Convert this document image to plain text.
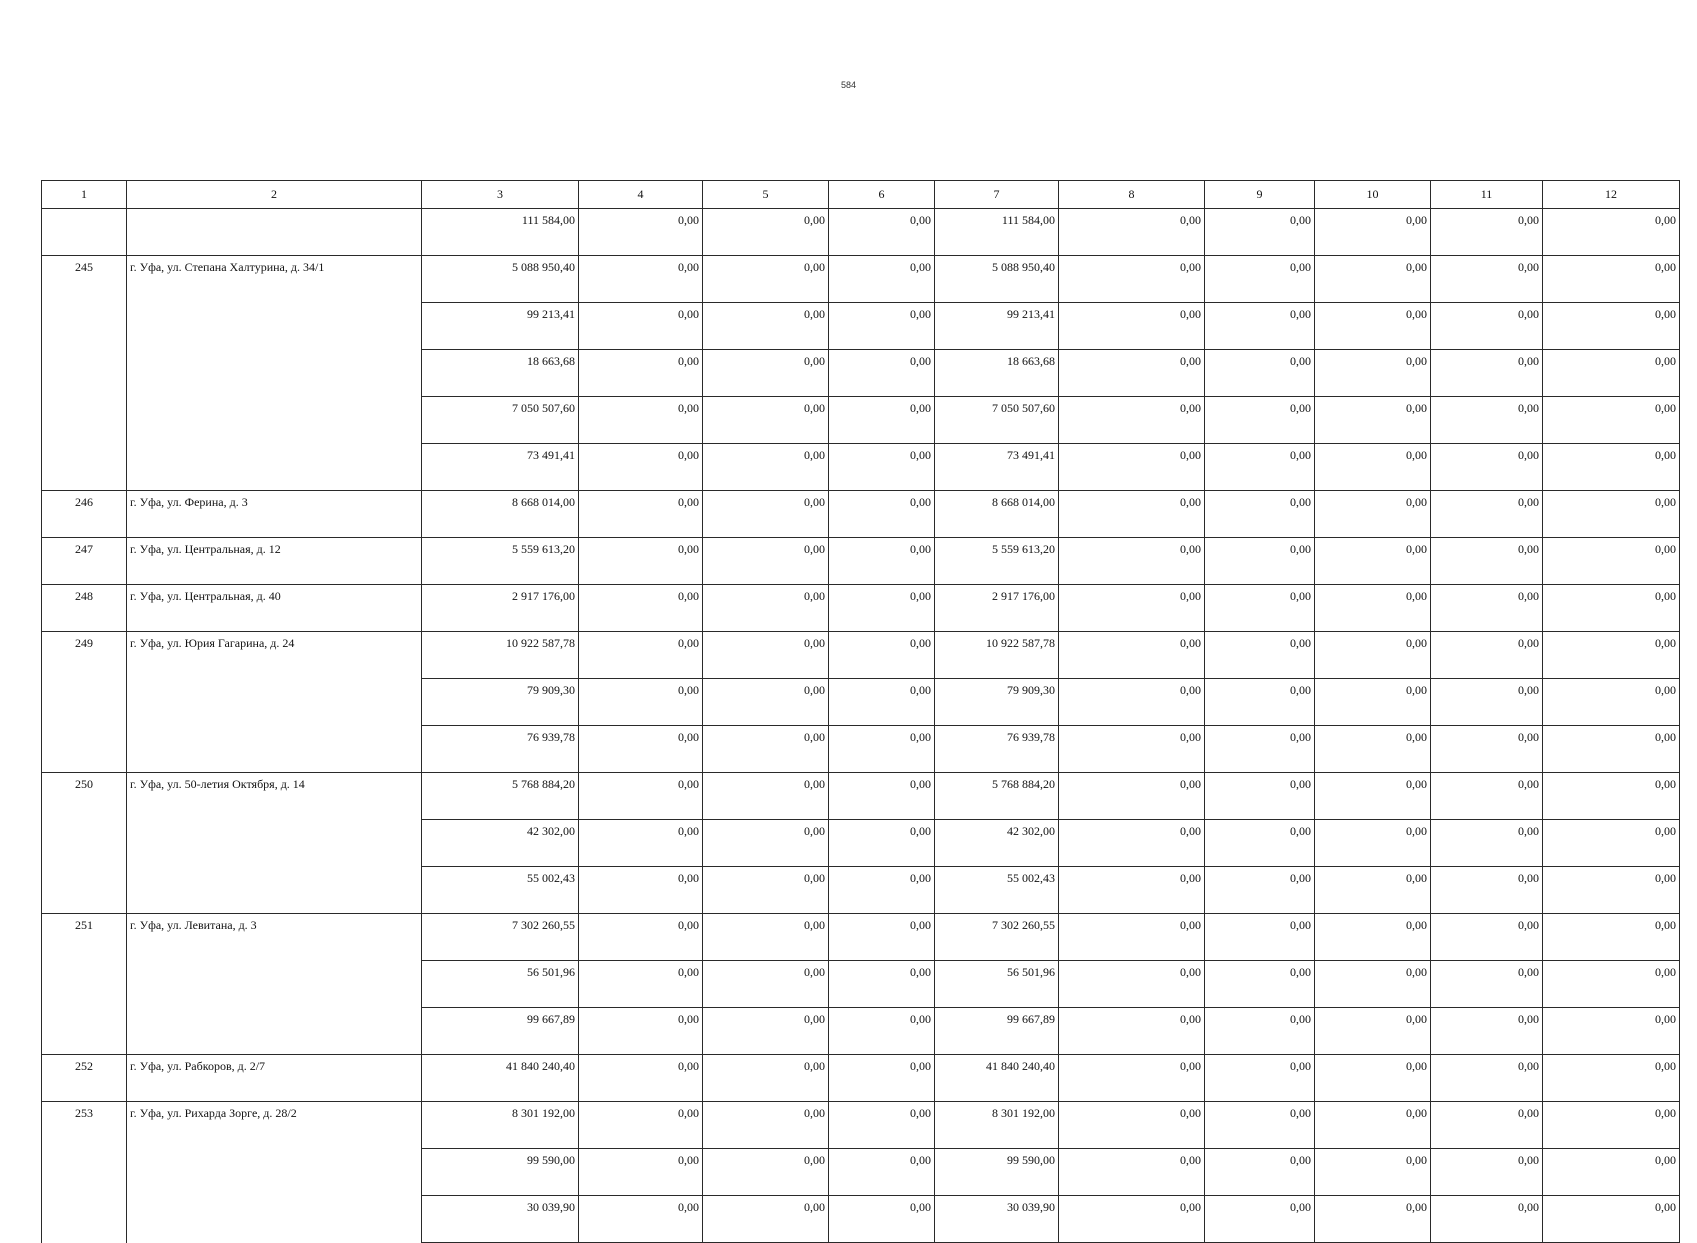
584
1	2	3	4	5	6	7	8	9	10	11	12
		111 584,00	0,00	0,00	0,00	111 584,00	0,00	0,00	0,00	0,00	0,00
245	г. Уфа, ул. Степана Халтурина, д. 34/1	5 088 950,40	0,00	0,00	0,00	5 088 950,40	0,00	0,00	0,00	0,00	0,00
		99 213,41	0,00	0,00	0,00	99 213,41	0,00	0,00	0,00	0,00	0,00
		18 663,68	0,00	0,00	0,00	18 663,68	0,00	0,00	0,00	0,00	0,00
		7 050 507,60	0,00	0,00	0,00	7 050 507,60	0,00	0,00	0,00	0,00	0,00
		73 491,41	0,00	0,00	0,00	73 491,41	0,00	0,00	0,00	0,00	0,00
246	г. Уфа, ул. Ферина, д. 3	8 668 014,00	0,00	0,00	0,00	8 668 014,00	0,00	0,00	0,00	0,00	0,00
247	г. Уфа, ул. Центральная, д. 12	5 559 613,20	0,00	0,00	0,00	5 559 613,20	0,00	0,00	0,00	0,00	0,00
248	г. Уфа, ул. Центральная, д. 40	2 917 176,00	0,00	0,00	0,00	2 917 176,00	0,00	0,00	0,00	0,00	0,00
249	г. Уфа, ул. Юрия Гагарина, д. 24	10 922 587,78	0,00	0,00	0,00	10 922 587,78	0,00	0,00	0,00	0,00	0,00
		79 909,30	0,00	0,00	0,00	79 909,30	0,00	0,00	0,00	0,00	0,00
		76 939,78	0,00	0,00	0,00	76 939,78	0,00	0,00	0,00	0,00	0,00
250	г. Уфа, ул. 50-летия Октября, д. 14	5 768 884,20	0,00	0,00	0,00	5 768 884,20	0,00	0,00	0,00	0,00	0,00
		42 302,00	0,00	0,00	0,00	42 302,00	0,00	0,00	0,00	0,00	0,00
		55 002,43	0,00	0,00	0,00	55 002,43	0,00	0,00	0,00	0,00	0,00
251	г. Уфа, ул. Левитана, д. 3	7 302 260,55	0,00	0,00	0,00	7 302 260,55	0,00	0,00	0,00	0,00	0,00
		56 501,96	0,00	0,00	0,00	56 501,96	0,00	0,00	0,00	0,00	0,00
		99 667,89	0,00	0,00	0,00	99 667,89	0,00	0,00	0,00	0,00	0,00
252	г. Уфа, ул. Рабкоров, д. 2/7	41 840 240,40	0,00	0,00	0,00	41 840 240,40	0,00	0,00	0,00	0,00	0,00
253	г. Уфа, ул. Рихарда Зорге, д. 28/2	8 301 192,00	0,00	0,00	0,00	8 301 192,00	0,00	0,00	0,00	0,00	0,00
		99 590,00	0,00	0,00	0,00	99 590,00	0,00	0,00	0,00	0,00	0,00
		30 039,90	0,00	0,00	0,00	30 039,90	0,00	0,00	0,00	0,00	0,00
